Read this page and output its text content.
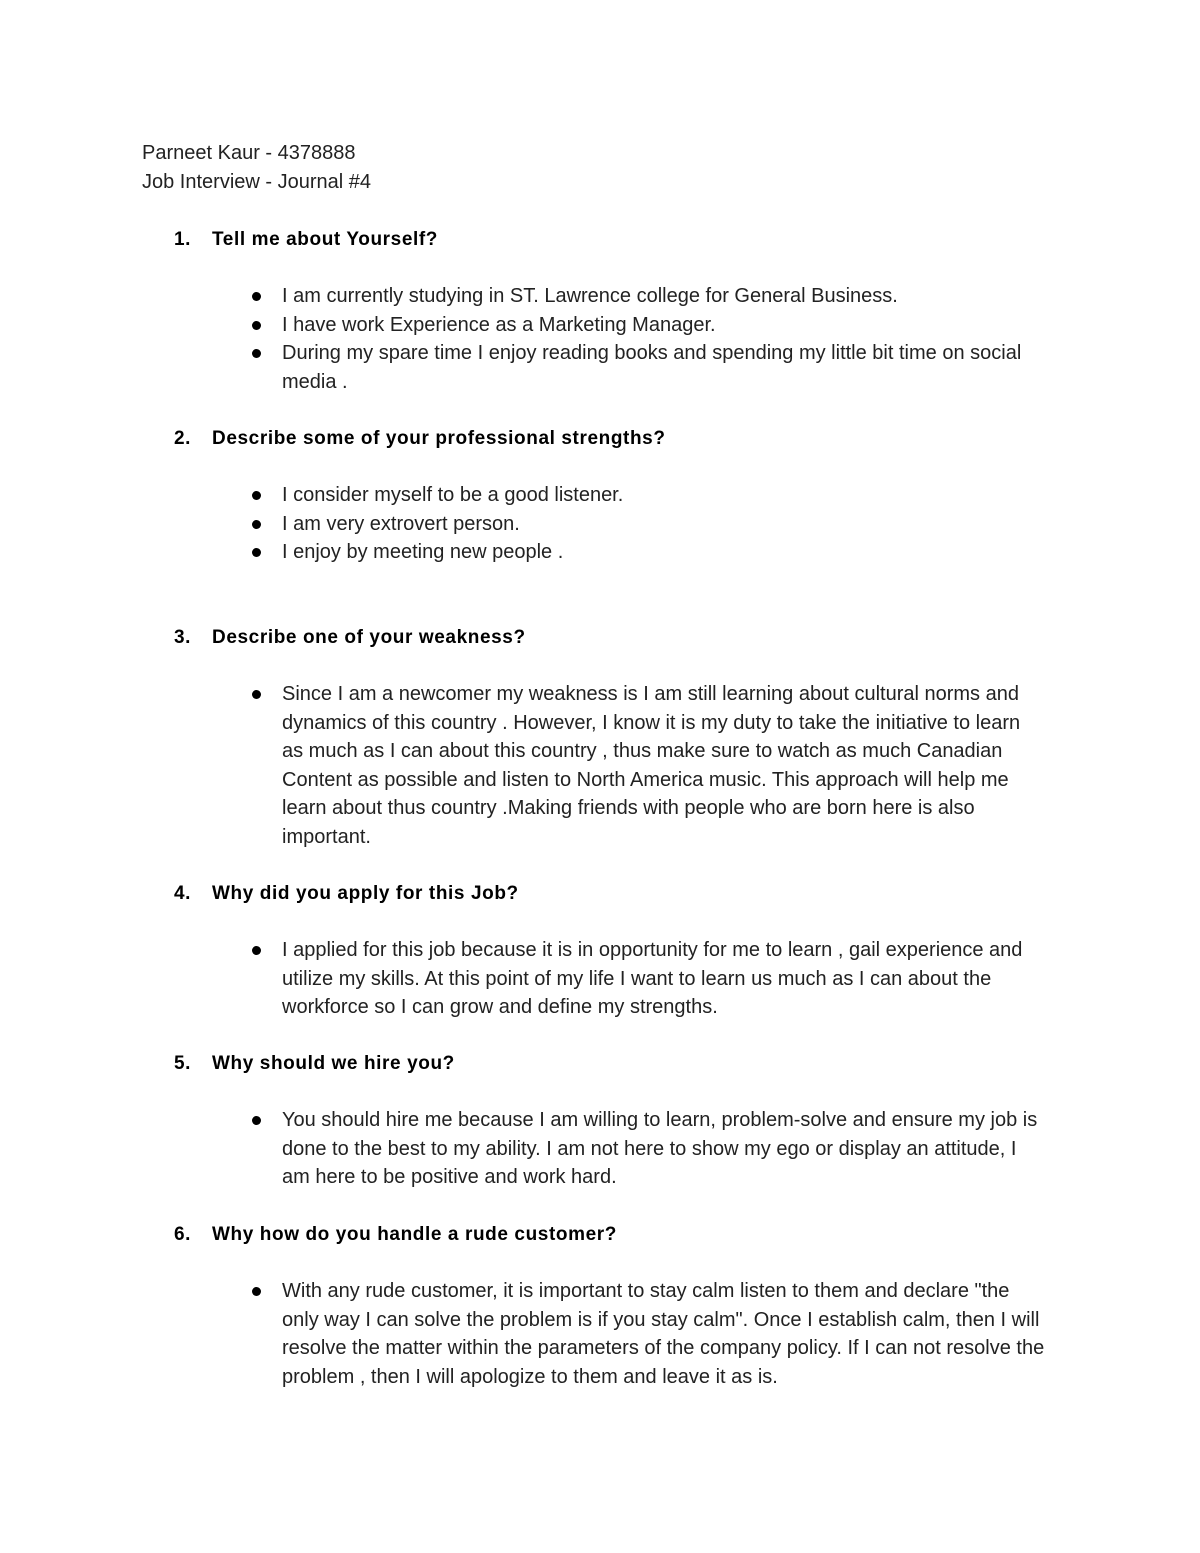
Parneet Kaur - 4378888
Job Interview - Journal #4
1. Tell me about Yourself?
I am currently studying in ST. Lawrence college for General Business.
I have work Experience as a Marketing Manager.
During my spare time I enjoy reading books and spending my little bit time on social media .
2. Describe some of your professional strengths?
I consider myself to be a good listener.
I am very extrovert person.
I enjoy by meeting new people .
3. Describe one of your weakness?
Since I am a newcomer my weakness is I am still learning about cultural norms and dynamics of this country . However, I know it is my duty to take the initiative to learn as much as I can about this country , thus make sure to watch as much Canadian Content as possible and listen to North America music. This approach will help me learn about thus country .Making friends with people who are born here is also important.
4. Why did you apply for this Job?
I applied for this job because it is in opportunity for me to learn , gail experience and utilize my skills. At this point of my life I want to learn us much as I can about the workforce so I can grow and define my strengths.
5. Why should we hire you?
You should hire me because I am willing to learn, problem-solve and ensure my job is done to the best to my ability. I am not here to show my ego or display an attitude, I am here to be positive and work hard.
6. Why how do you handle a rude customer?
With any rude customer, it is important to stay calm listen to them and declare "the only way I can solve the problem is if you stay calm". Once I establish calm, then I will resolve the matter within the parameters of the company policy. If I can not resolve the problem , then I will apologize to them and leave it as is.
